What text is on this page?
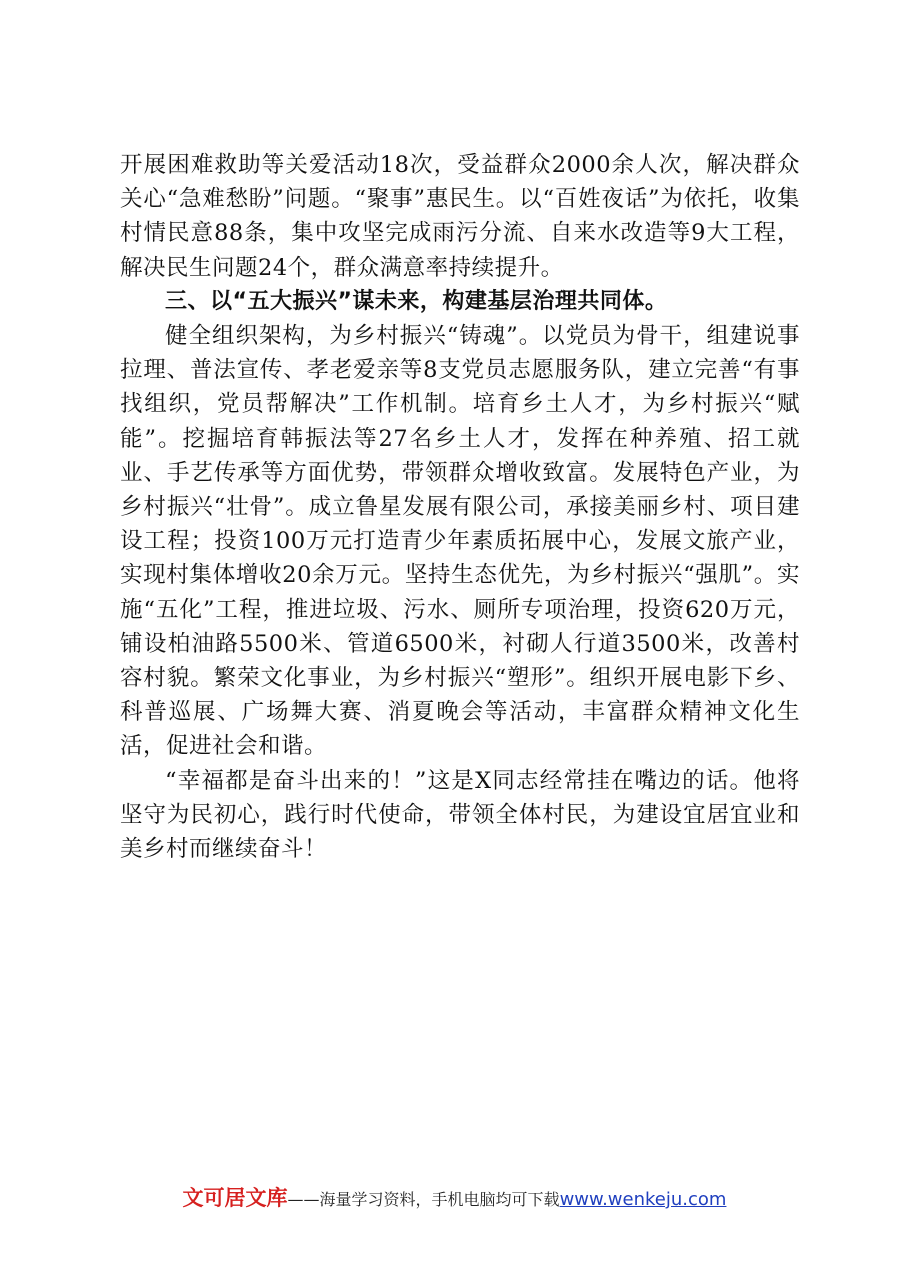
开展困难救助等关爱活动18次，受益群众2000余人次，解决群众关心“急难愁盼”问题。“聚事”惠民生。以“百姓夜话”为依托，收集村情民意88条，集中攻坚完成雨污分流、自来水改造等9大工程，解决民生问题24个，群众满意率持续提升。

三、以“五大振兴”谋未来，构建基层治理共同体。

健全组织架构，为乡村振兴“铸魂”。以党员为骨干，组建说事拉理、普法宣传、孝老爱亲等8支党员志愿服务队，建立完善“有事找组织，党员帮解决”工作机制。培育乡土人才，为乡村振兴“赋能”。挖掘培育韩振法等27名乡土人才，发挥在种养殖、招工就业、手艺传承等方面优势，带领群众增收致富。发展特色产业，为乡村振兴“壮骨”。成立鲁星发展有限公司，承接美丽乡村、项目建设工程；投资100万元打造青少年素质拓展中心，发展文旅产业，实现村集体增收20余万元。坚持生态优先，为乡村振兴“强肌”。实施“五化”工程，推进垃圾、污水、厕所专项治理，投资620万元，铺设柏油路5500米、管道6500米，衬砌人行道3500米，改善村容村貌。繁荣文化事业，为乡村振兴“塑形”。组织开展电影下乡、科普巡展、广场舞大赛、消夏晚会等活动，丰富群众精神文化生活，促进社会和谐。

“幸福都是奋斗出来的！”这是X同志经常挂在嘴边的话。他将坚守为民初心，践行时代使命，带领全体村民，为建设宜居宜业和美乡村而继续奋斗！

文可居文库——海量学习资料，手机电脑均可下载www.wenkeju.com
